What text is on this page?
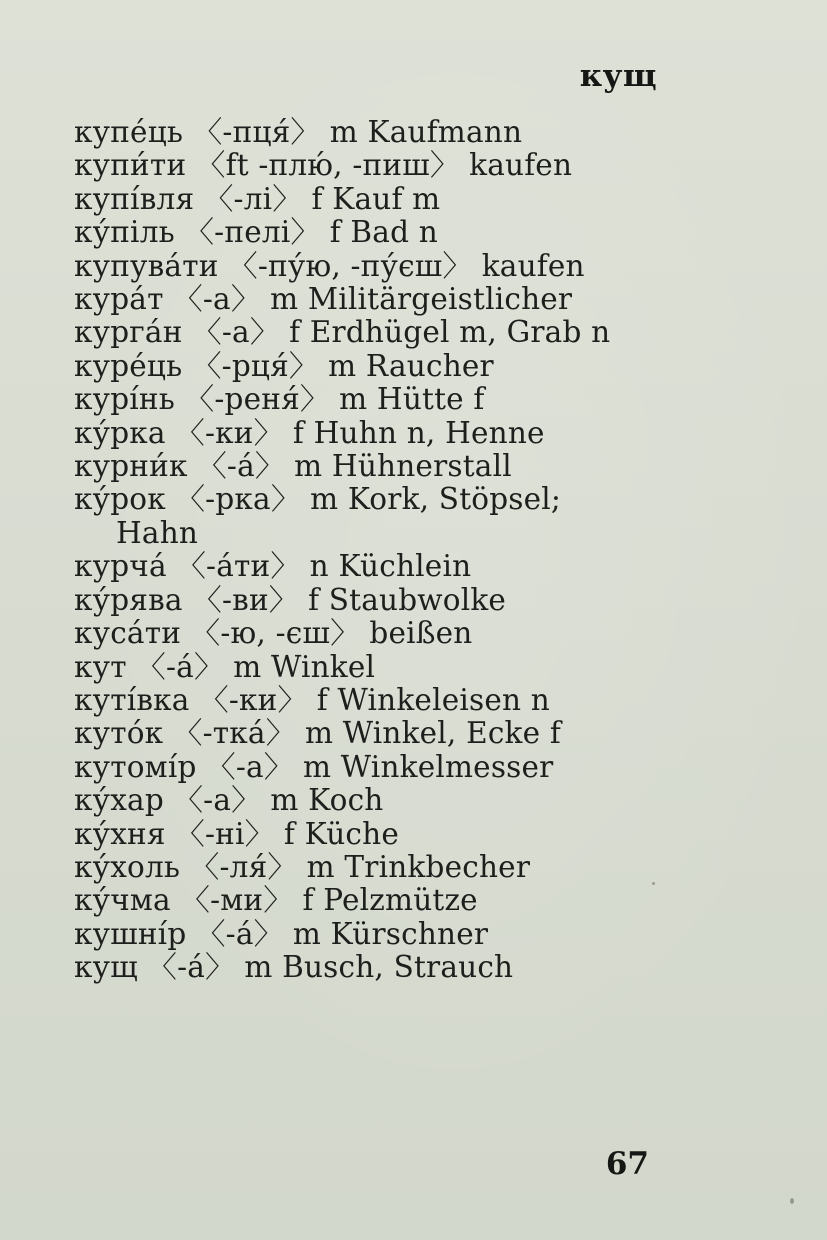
кущ
купе́ць 〈-пця́〉 m Kaufmann
купи́ти 〈ft -плю́, -пиш〉 kaufen
купі́вля 〈-лі〉 f Kauf m
ку́піль 〈-пелі〉 f Bad n
купува́ти 〈-пу́ю, -пу́єш〉 kaufen
кура́т 〈-а〉 m Militärgeistlicher
курга́н 〈-а〉 f Erdhügel m, Grab n
куре́ць 〈-рця́〉 m Raucher
курі́нь 〈-реня́〉 m Hütte f
ку́рка 〈-ки〉 f Huhn n, Henne
курни́к 〈-а́〉 m Hühnerstall
ку́рок 〈-рка〉 m Kork, Stöpsel;
Hahn
курча́ 〈-а́ти〉 n Küchlein
ку́рява 〈-ви〉 f Staubwolke
куса́ти 〈-ю, -єш〉 beißen
кут 〈-а́〉 m Winkel
куті́вка 〈-ки〉 f Winkeleisen n
куто́к 〈-тка́〉 m Winkel, Ecke f
кутомі́р 〈-а〉 m Winkelmesser
ку́хар 〈-а〉 m Koch
ку́хня 〈-ні〉 f Küche
ку́холь 〈-ля́〉 m Trinkbecher
ку́чма 〈-ми〉 f Pelzmütze
кушні́р 〈-а́〉 m Kürschner
кущ 〈-а́〉 m Busch, Strauch
67
